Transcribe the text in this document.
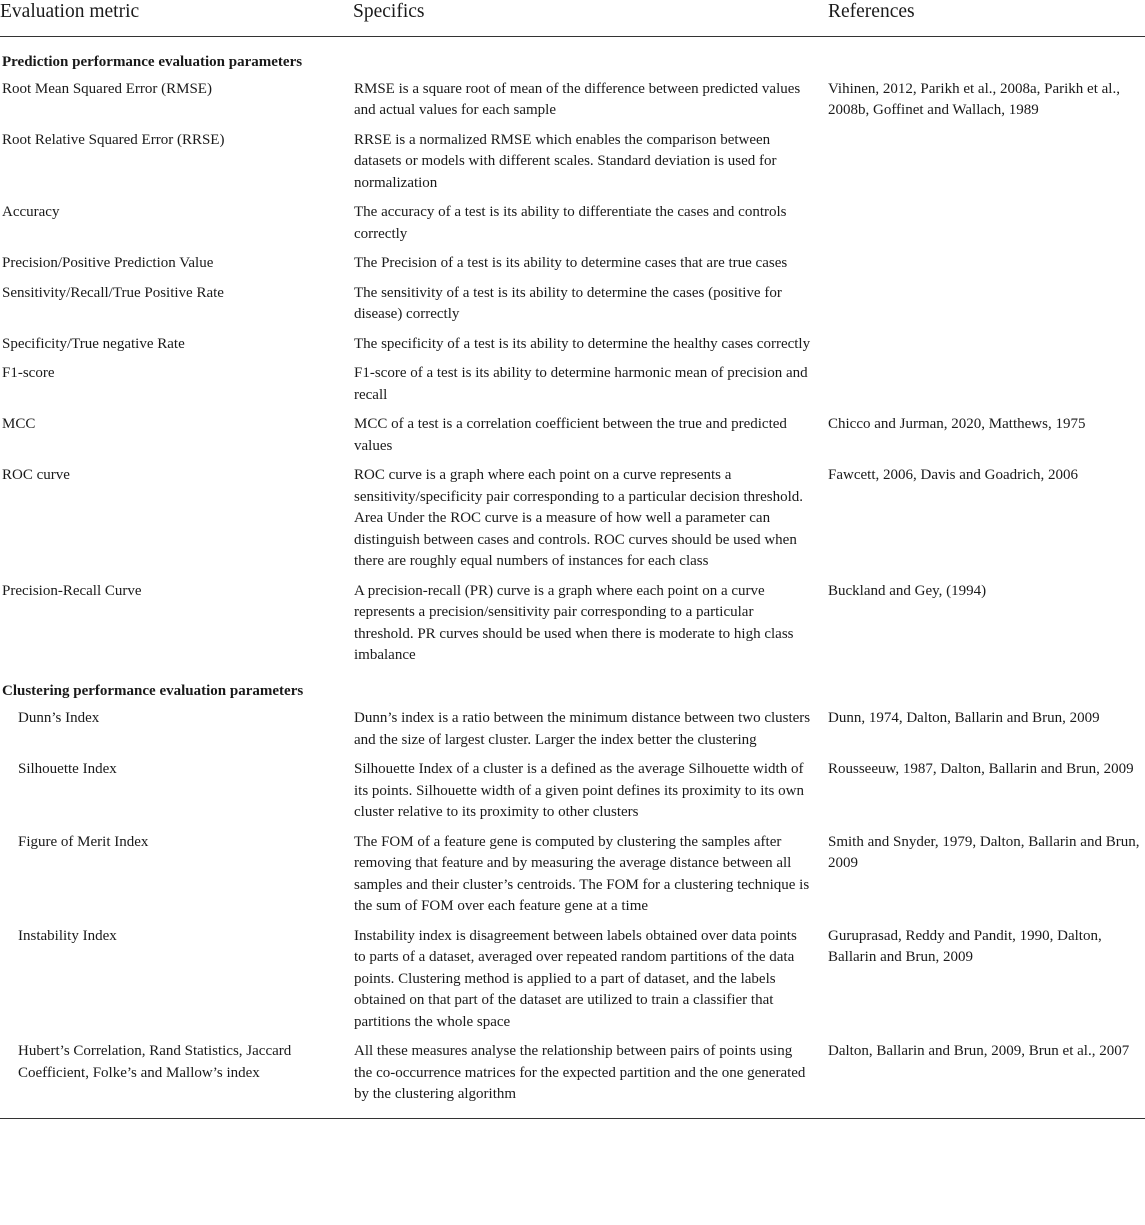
Evaluation metric	Specifics	References
Prediction performance evaluation parameters		
Root Mean Squared Error (RMSE)	RMSE is a square root of mean of the difference between predicted values and actual values for each sample	Vihinen, 2012, Parikh et al., 2008a, Parikh et al., 2008b, Goffinet and Wallach, 1989
Root Relative Squared Error (RRSE)	RRSE is a normalized RMSE which enables the comparison between datasets or models with different scales. Standard deviation is used for normalization	
Accuracy	The accuracy of a test is its ability to differentiate the cases and controls correctly	
Precision/Positive Prediction Value	The Precision of a test is its ability to determine cases that are true cases	
Sensitivity/Recall/True Positive Rate	The sensitivity of a test is its ability to determine the cases (positive for disease) correctly	
Specificity/True negative Rate	The specificity of a test is its ability to determine the healthy cases correctly	
F1-score	F1-score of a test is its ability to determine harmonic mean of precision and recall	
MCC	MCC of a test is a correlation coefficient between the true and predicted values	Chicco and Jurman, 2020, Matthews, 1975
ROC curve	ROC curve is a graph where each point on a curve represents a sensitivity/specificity pair corresponding to a particular decision threshold. Area Under the ROC curve is a measure of how well a parameter can distinguish between cases and controls. ROC curves should be used when there are roughly equal numbers of instances for each class	Fawcett, 2006, Davis and Goadrich, 2006
Precision-Recall Curve	A precision-recall (PR) curve is a graph where each point on a curve represents a precision/sensitivity pair corresponding to a particular threshold. PR curves should be used when there is moderate to high class imbalance	Buckland and Gey, (1994)
Clustering performance evaluation parameters		
Dunn’s Index	Dunn’s index is a ratio between the minimum distance between two clusters and the size of largest cluster. Larger the index better the clustering	Dunn, 1974, Dalton, Ballarin and Brun, 2009
Silhouette Index	Silhouette Index of a cluster is a defined as the average Silhouette width of its points. Silhouette width of a given point defines its proximity to its own cluster relative to its proximity to other clusters	Rousseeuw, 1987, Dalton, Ballarin and Brun, 2009
Figure of Merit Index	The FOM of a feature gene is computed by clustering the samples after removing that feature and by measuring the average distance between all samples and their cluster’s centroids. The FOM for a clustering technique is the sum of FOM over each feature gene at a time	Smith and Snyder, 1979, Dalton, Ballarin and Brun, 2009
Instability Index	Instability index is disagreement between labels obtained over data points to parts of a dataset, averaged over repeated random partitions of the data points. Clustering method is applied to a part of dataset, and the labels obtained on that part of the dataset are utilized to train a classifier that partitions the whole space	Guruprasad, Reddy and Pandit, 1990, Dalton, Ballarin and Brun, 2009
Hubert’s Correlation, Rand Statistics, Jaccard Coefficient, Folke’s and Mallow’s index	All these measures analyse the relationship between pairs of points using the co-occurrence matrices for the expected partition and the one generated by the clustering algorithm	Dalton, Ballarin and Brun, 2009, Brun et al., 2007
